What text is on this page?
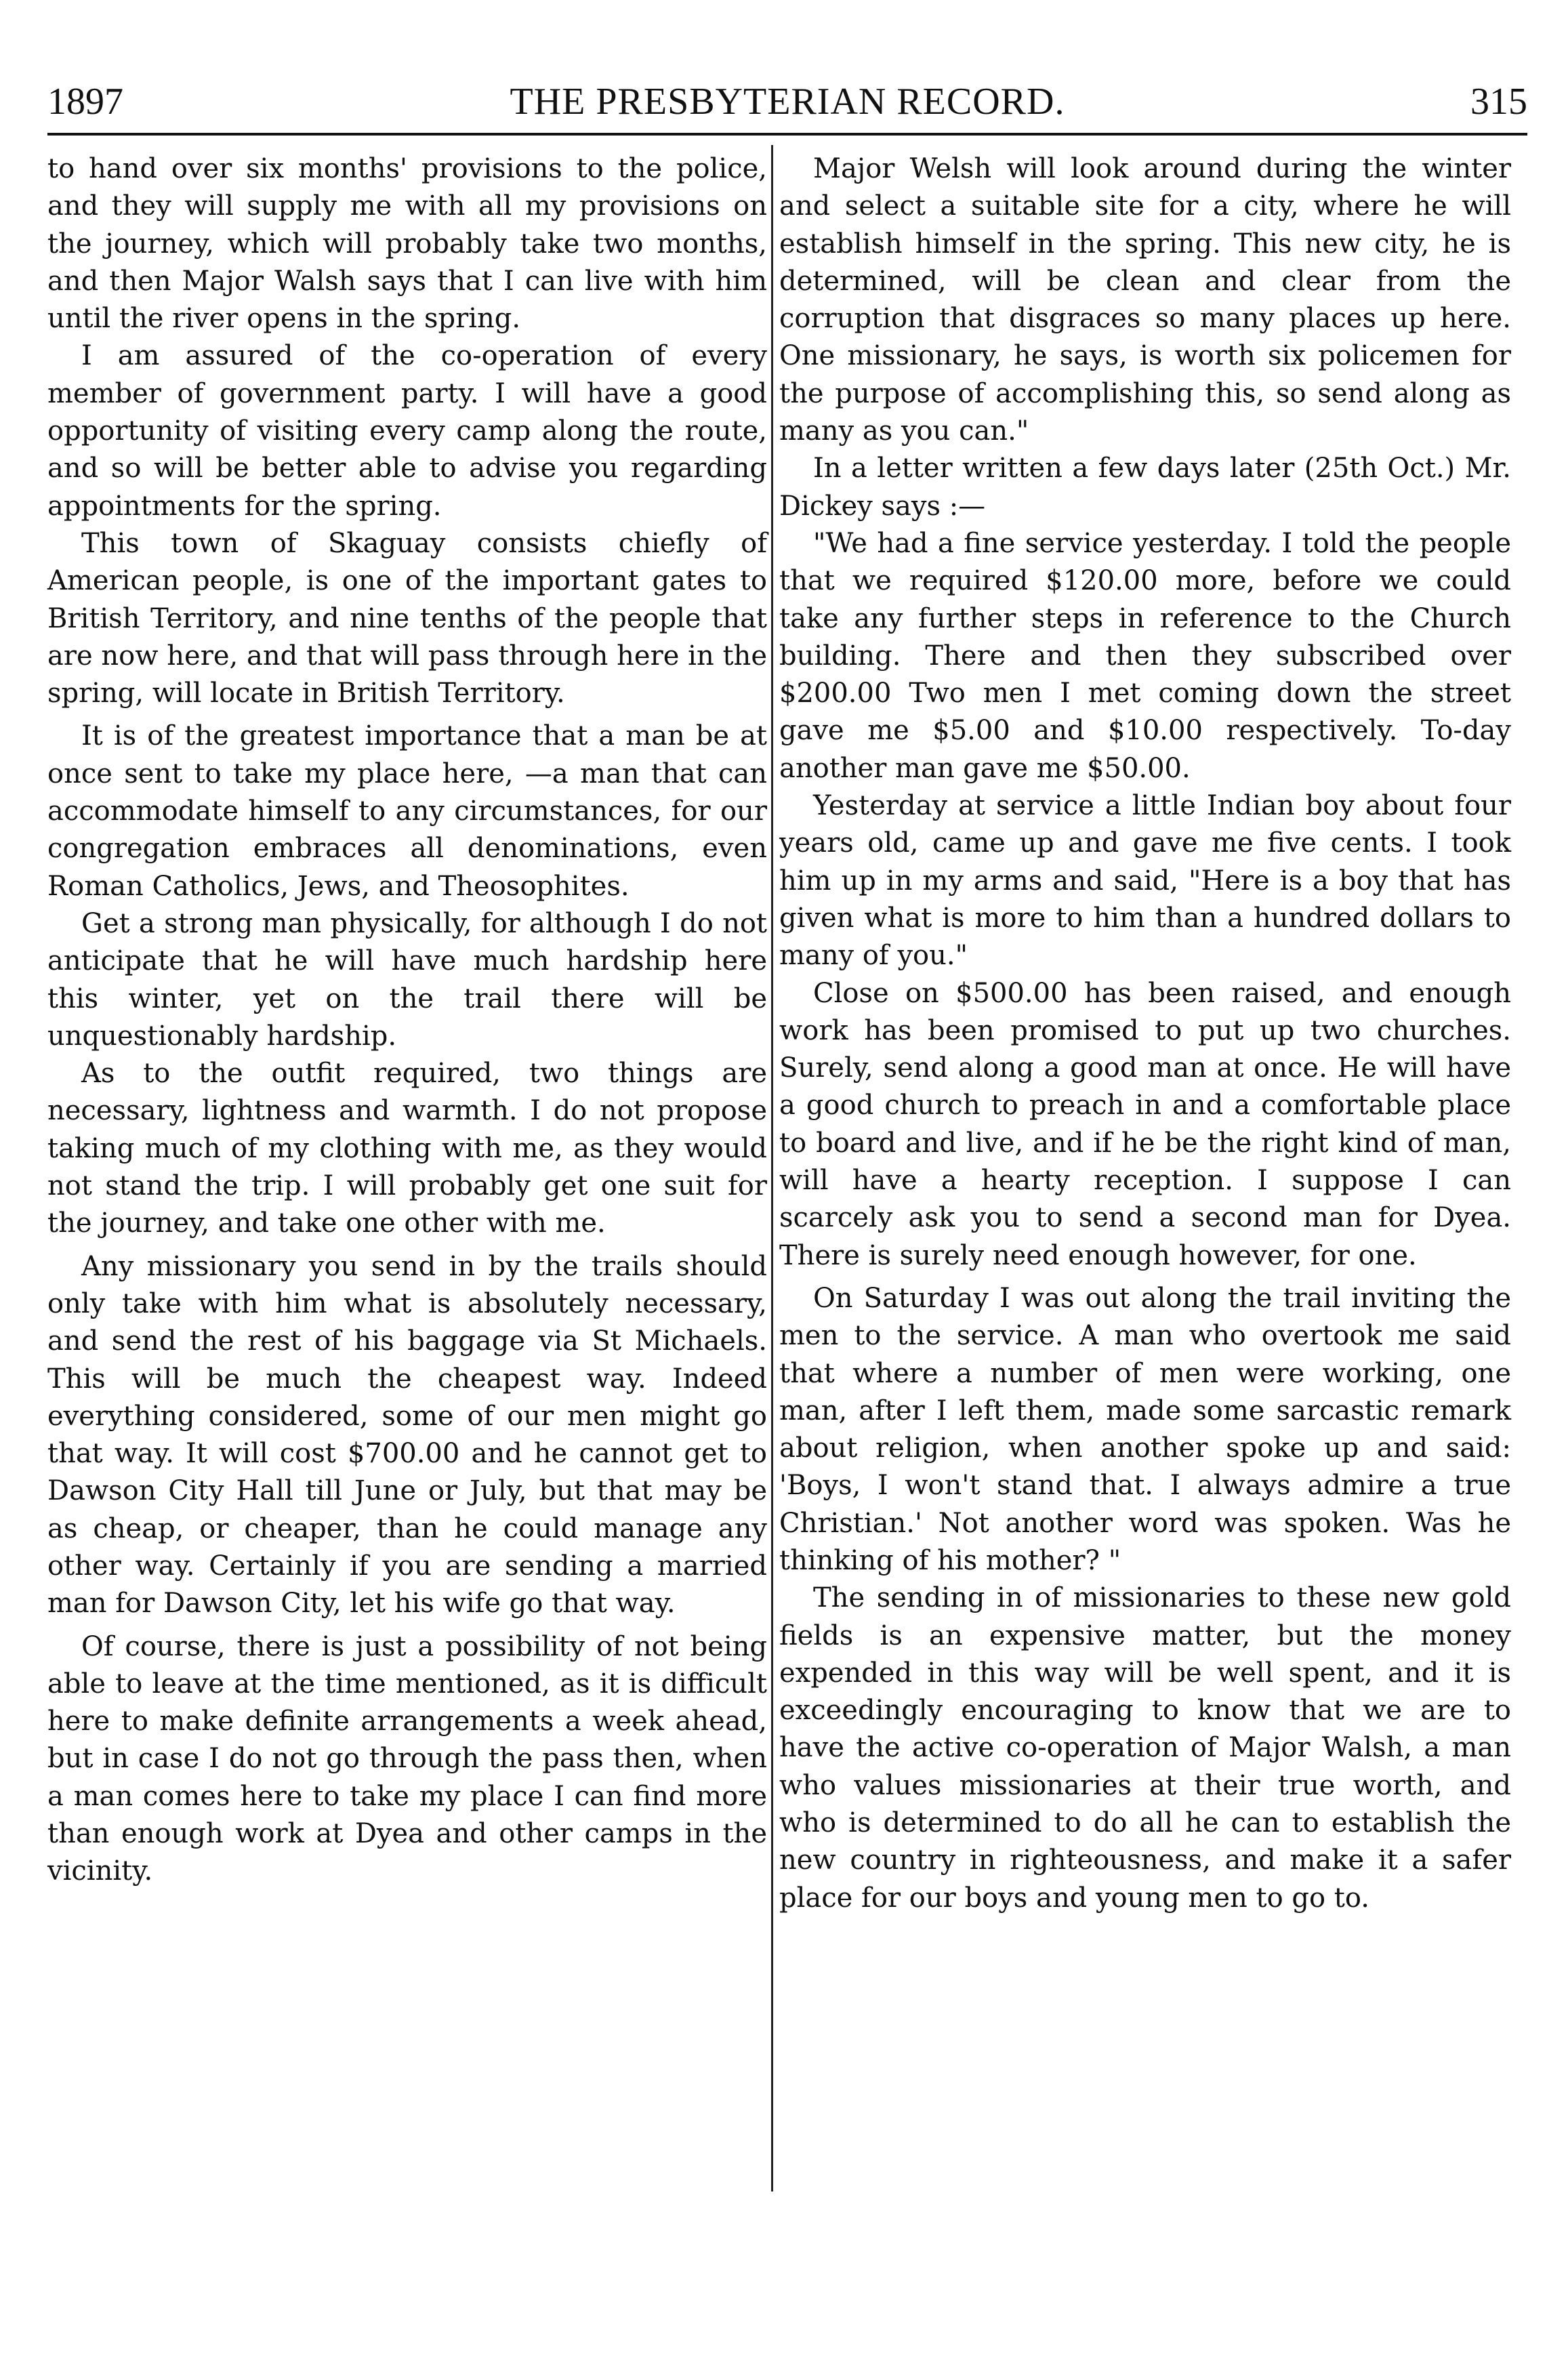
1897	THE PRESBYTERIAN RECORD.	315

to hand over six months' provisions to the police, and they will supply me with all my provisions on the journey, which will probably take two months, and then Major Walsh says that I can live with him until the river opens in the spring.

I am assured of the co-operation of every member of government party. I will have a good opportunity of visiting every camp along the route, and so will be better able to advise you regarding appointments for the spring.

This town of Skaguay consists chiefly of American people, is one of the important gates to British Territory, and nine tenths of the people that are now here, and that will pass through here in the spring, will locate in British Territory.

It is of the greatest importance that a man be at once sent to take my place here, —a man that can accommodate himself to any circumstances, for our congregation embraces all denominations, even Roman Catholics, Jews, and Theosophites.

Get a strong man physically, for although I do not anticipate that he will have much hardship here this winter, yet on the trail there will be unquestionably hardship.

As to the outfit required, two things are necessary, lightness and warmth. I do not propose taking much of my clothing with me, as they would not stand the trip. I will probably get one suit for the journey, and take one other with me.

Any missionary you send in by the trails should only take with him what is absolutely necessary, and send the rest of his baggage via St Michaels. This will be much the cheapest way. Indeed everything considered, some of our men might go that way. It will cost $700.00 and he cannot get to Dawson City Hall till June or July, but that may be as cheap, or cheaper, than he could manage any other way. Certainly if you are sending a married man for Dawson City, let his wife go that way.

Of course, there is just a possibility of not being able to leave at the time mentioned, as it is difficult here to make definite arrangements a week ahead, but in case I do not go through the pass then, when a man comes here to take my place I can find more than enough work at Dyea and other camps in the vicinity.

Major Welsh will look around during the winter and select a suitable site for a city, where he will establish himself in the spring. This new city, he is determined, will be clean and clear from the corruption that disgraces so many places up here. One missionary, he says, is worth six policemen for the purpose of accomplishing this, so send along as many as you can."

In a letter written a few days later (25th Oct.) Mr. Dickey says :—

"We had a fine service yesterday. I told the people that we required $120.00 more, before we could take any further steps in reference to the Church building. There and then they subscribed over $200.00 Two men I met coming down the street gave me $5.00 and $10.00 respectively. To-day another man gave me $50.00.

Yesterday at service a little Indian boy about four years old, came up and gave me five cents. I took him up in my arms and said, "Here is a boy that has given what is more to him than a hundred dollars to many of you."

Close on $500.00 has been raised, and enough work has been promised to put up two churches. Surely, send along a good man at once. He will have a good church to preach in and a comfortable place to board and live, and if he be the right kind of man, will have a hearty reception. I suppose I can scarcely ask you to send a second man for Dyea. There is surely need enough however, for one.

On Saturday I was out along the trail inviting the men to the service. A man who overtook me said that where a number of men were working, one man, after I left them, made some sarcastic remark about religion, when another spoke up and said: 'Boys, I won't stand that. I always admire a true Christian.' Not another word was spoken. Was he thinking of his mother? "

The sending in of missionaries to these new gold fields is an expensive matter, but the money expended in this way will be well spent, and it is exceedingly encouraging to know that we are to have the active co-operation of Major Walsh, a man who values missionaries at their true worth, and who is determined to do all he can to establish the new country in righteousness, and make it a safer place for our boys and young men to go to.
